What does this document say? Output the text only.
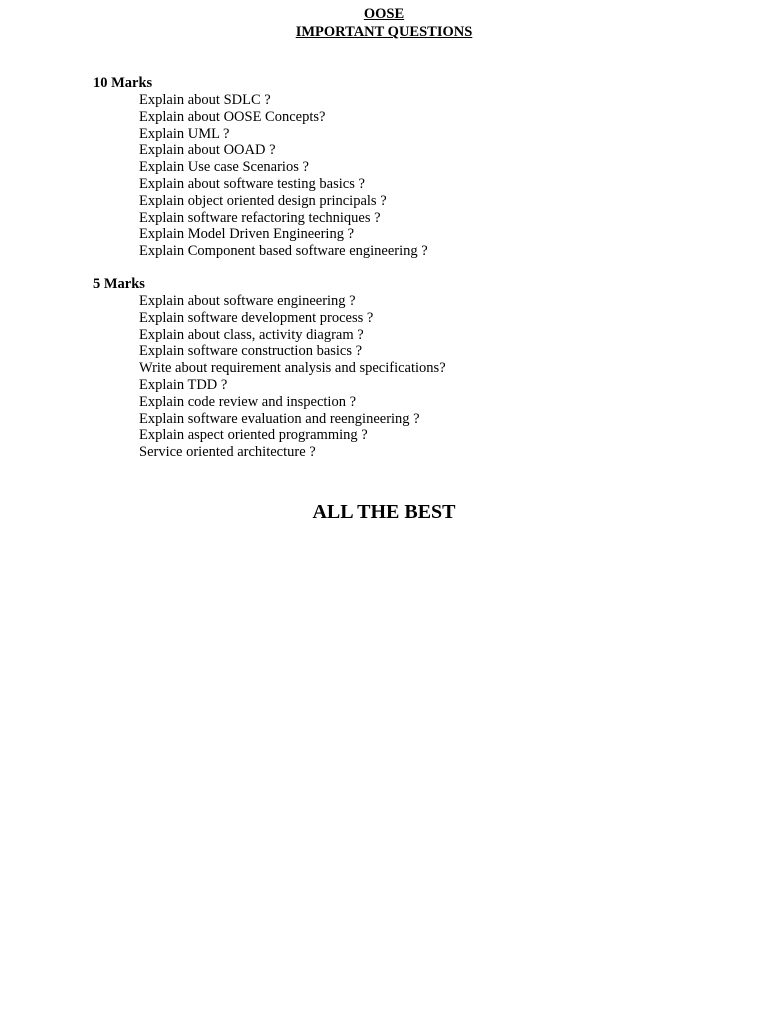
OOSE
IMPORTANT QUESTIONS
10 Marks
Explain about SDLC ?
Explain about OOSE Concepts?
Explain UML ?
Explain about OOAD ?
Explain Use case Scenarios ?
Explain about software testing basics ?
Explain object oriented design principals ?
Explain software refactoring techniques ?
Explain Model Driven Engineering ?
Explain Component based software engineering ?
5 Marks
Explain about software engineering ?
Explain software development process ?
Explain about class, activity diagram ?
Explain software construction basics ?
Write about requirement analysis and specifications?
Explain TDD ?
Explain code review and inspection ?
Explain software evaluation and reengineering ?
Explain aspect oriented programming ?
Service oriented architecture ?
ALL THE BEST
